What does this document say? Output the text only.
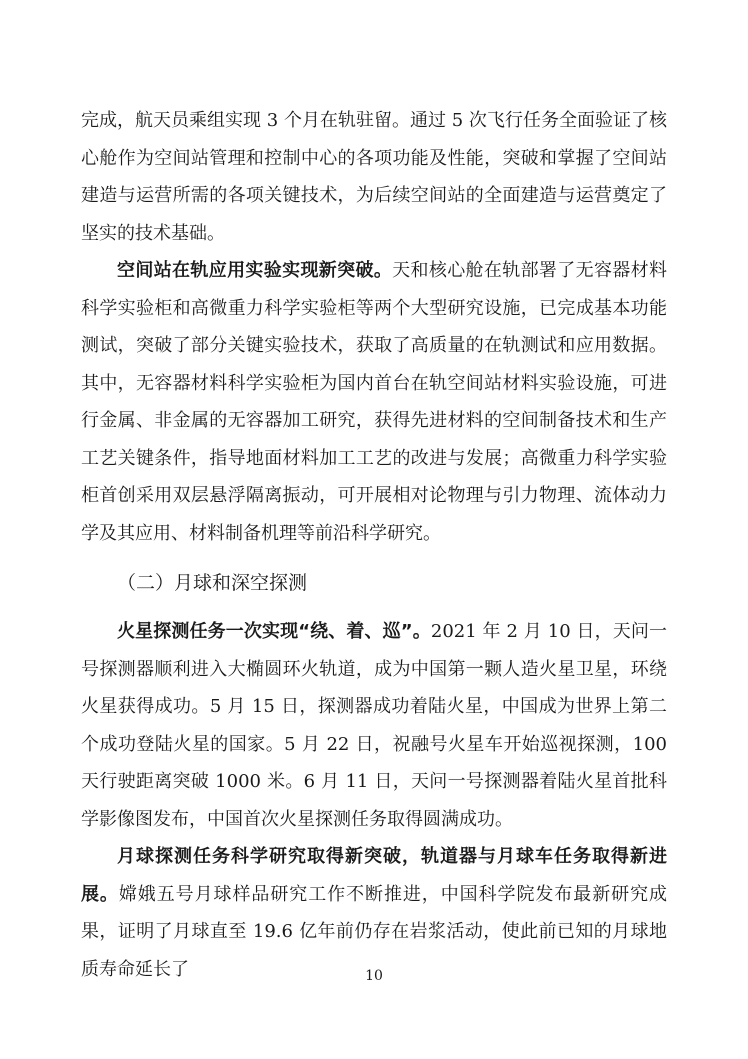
完成，航天员乘组实现 3 个月在轨驻留。通过 5 次飞行任务全面验证了核心舱作为空间站管理和控制中心的各项功能及性能，突破和掌握了空间站建造与运营所需的各项关键技术，为后续空间站的全面建造与运营奠定了坚实的技术基础。

空间站在轨应用实验实现新突破。天和核心舱在轨部署了无容器材料科学实验柜和高微重力科学实验柜等两个大型研究设施，已完成基本功能测试，突破了部分关键实验技术，获取了高质量的在轨测试和应用数据。其中，无容器材料科学实验柜为国内首台在轨空间站材料实验设施，可进行金属、非金属的无容器加工研究，获得先进材料的空间制备技术和生产工艺关键条件，指导地面材料加工工艺的改进与发展；高微重力科学实验柜首创采用双层悬浮隔离振动，可开展相对论物理与引力物理、流体动力学及其应用、材料制备机理等前沿科学研究。

（二）月球和深空探测

火星探测任务一次实现“绕、着、巡”。2021 年 2 月 10 日，天问一号探测器顺利进入大椭圆环火轨道，成为中国第一颗人造火星卫星，环绕火星获得成功。5 月 15 日，探测器成功着陆火星，中国成为世界上第二个成功登陆火星的国家。5 月 22 日，祝融号火星车开始巡视探测，100 天行驶距离突破 1000 米。6 月 11 日，天问一号探测器着陆火星首批科学影像图发布，中国首次火星探测任务取得圆满成功。

月球探测任务科学研究取得新突破，轨道器与月球车任务取得新进展。嫦娥五号月球样品研究工作不断推进，中国科学院发布最新研究成果，证明了月球直至 19.6 亿年前仍存在岩浆活动，使此前已知的月球地质寿命延长了	10
